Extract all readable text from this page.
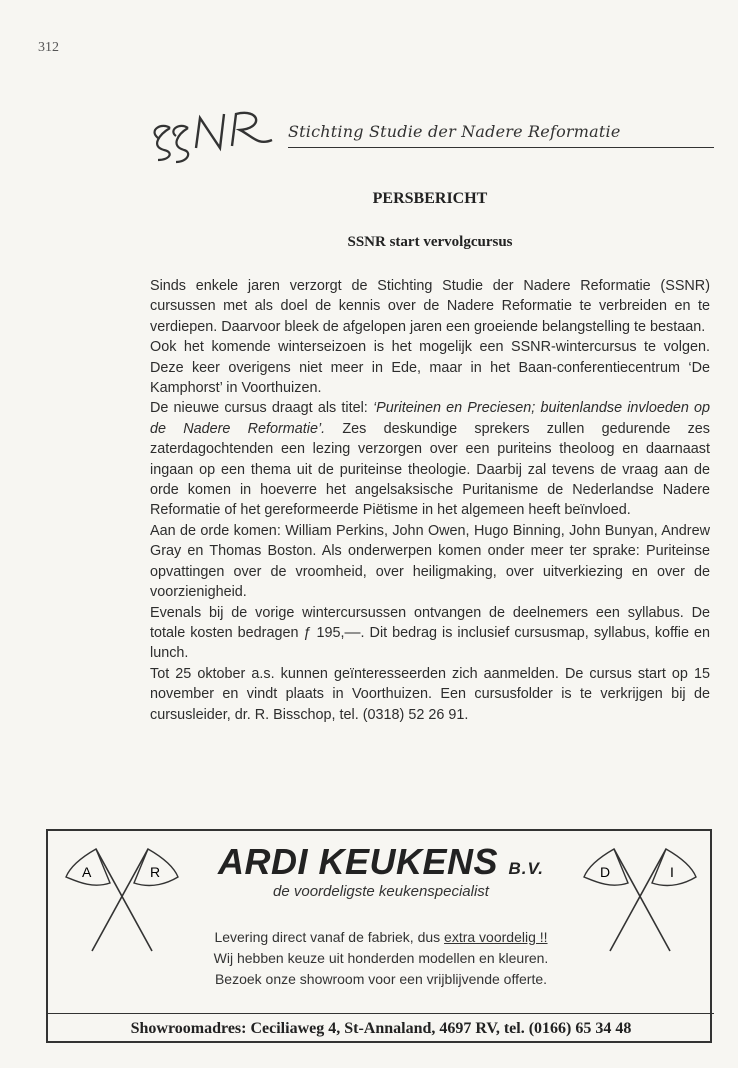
312
Stichting Studie der Nadere Reformatie
PERSBERICHT
SSNR start vervolgcursus

Sinds enkele jaren verzorgt de Stichting Studie der Nadere Reformatie (SSNR) cursussen met als doel de kennis over de Nadere Reformatie te verbreiden en te verdiepen. Daarvoor bleek de afgelopen jaren een groeiende belangstelling te bestaan.

Ook het komende winterseizoen is het mogelijk een SSNR-wintercursus te volgen. Deze keer overigens niet meer in Ede, maar in het Baan-conferentiecentrum ‘De Kamphorst’ in Voorthuizen.

De nieuwe cursus draagt als titel: ‘Puriteinen en Preciesen; buitenlandse invloeden op de Nadere Reformatie’. Zes deskundige sprekers zullen gedurende zes zaterdagochtenden een lezing verzorgen over een puriteins theoloog en daarnaast ingaan op een thema uit de puriteinse theologie. Daarbij zal tevens de vraag aan de orde komen in hoeverre het angelsaksische Puritanisme de Nederlandse Nadere Reformatie of het gereformeerde Piëtisme in het algemeen heeft beïnvloed.

Aan de orde komen: William Perkins, John Owen, Hugo Binning, John Bunyan, Andrew Gray en Thomas Boston. Als onderwerpen komen onder meer ter sprake: Puriteinse opvattingen over de vroomheid, over heiligmaking, over uitverkiezing en over de voorzienigheid.

Evenals bij de vorige wintercursussen ontvangen de deelnemers een syllabus. De totale kosten bedragen ƒ 195,––. Dit bedrag is inclusief cursusmap, syllabus, koffie en lunch.

Tot 25 oktober a.s. kunnen geïnteresseerden zich aanmelden. De cursus start op 15 november en vindt plaats in Voorthuizen. Een cursusfolder is te verkrijgen bij de cursusleider, dr. R. Bisschop, tel. (0318) 52 26 91.

A	R	D	I
ARDI KEUKENS B.V.
de voordeligste keukenspecialist
Levering direct vanaf de fabriek, dus extra voordelig !!
Wij hebben keuze uit honderden modellen en kleuren.
Bezoek onze showroom voor een vrijblijvende offerte.
Showroomadres: Ceciliaweg 4, St-Annaland, 4697 RV, tel. (0166) 65 34 48
